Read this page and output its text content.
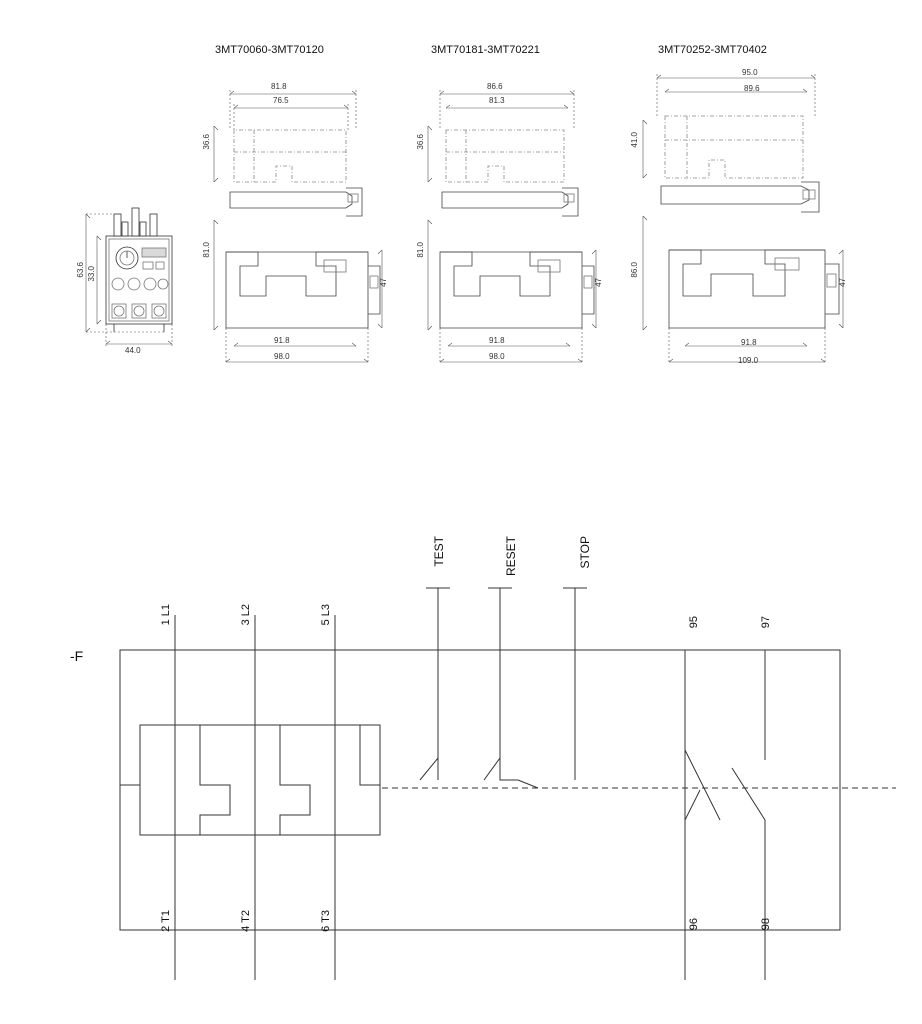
3MT70060-3MT70120	3MT70181-3MT70221	3MT70252-3MT70402
63.6 33.0
44.0
81.8
76.5
36.6
81.0
47
91.8
98.0
86.6
81.3
36.6
81.0
47
91.8
98.0
95.0
89.6
41.0
86.0
47
91.8
109.0
-F
TEST	RESET	STOP
1 L1	3 L2	5 L3
2 T1	4 T2	6 T3
95	97
96	98
